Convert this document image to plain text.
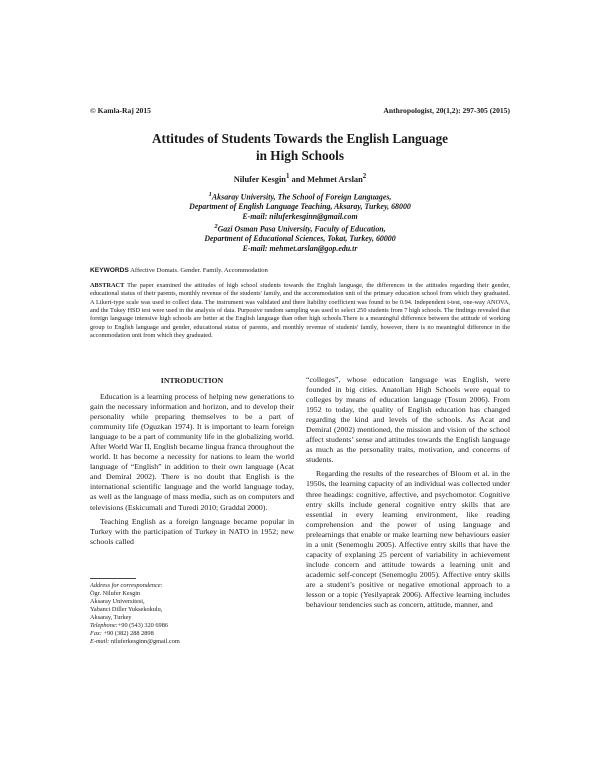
© Kamla-Raj 2015	Anthropologist, 20(1,2): 297-305 (2015)
Attitudes of Students Towards the English Language in High Schools
Nilufer Kesgin$^1$ and Mehmet Arslan$^2$

$^1$Aksaray University, The School of Foreign Languages,

Department of English Language Teaching, Aksaray, Turkey, 68000

E-mail: niluferkesginn@gmail.com

$^2$Gazi Osman Pasa University, Faculty of Education,

Department of Educational Sciences, Tokat, Turkey, 60000

E-mail: mehmet.arslan@gop.edu.tr

KEYWORDS Affective Domais. Gender. Family. Accommodation
ABSTRACT The paper examined the attitudes of high school students towards the English language, the differences in the attitudes regarding their gender, educational status of their parents, monthly revenue of the students' family, and the accommodation unit of the primary education school from which they graduated. A Likert-type scale was used to collect data. The instrument was validated and there liability coefficient was found to be 0.94. Independent t-test, one-way ANOVA, and the Tukey HSD test were used in the analysis of data. Purposive random sampling was used to select 250 students from 7 high schools. The findings revealed that foreign language intensive high schools are better at the English language than other high schools.There is a meaningful difference between the attitude of working group to English language and gender, educational status of parents, and monthly revenue of students' family, however, there is no meaningful difference in the accommodation unit from which they graduated.
INTRODUCTION

Education is a learning process of helping new generations to gain the necessary information and horizon, and to develop their personality while preparing themselves to be a part of community life (Oguzkan 1974). It is important to learn foreign language to be a part of community life in the globalizing world. After World War II, English became lingua franca throughout the world. It has become a necessity for nations to learn the world language of “English” in addition to their own language (Acat and Demiral 2002). There is no doubt that English is the international scientific language and the world language today, as well as the language of mass media, such as on computers and televisions (Eskicumali and Turedi 2010; Graddal 2000).

Teaching English as a foreign language became popular in Turkey with the participation of Turkey in NATO in 1952; new schools called

“colleges”, whose education language was English, were founded in big cities. Anatolian High Schools were equal to colleges by means of education language (Tosun 2006). From 1952 to today, the quality of English education has changed regarding the kind and levels of the schools. As Acat and Demiral (2002) mentioned, the mission and vision of the school affect students’ sense and attitudes towards the English language as much as the personality traits, motivation, and concerns of students.

Regarding the results of the researches of Bloom et al. in the 1950s, the learning capacity of an individual was collected under three headings: cognitive, affective, and psychomotor. Cognitive entry skills include general cognitive entry skills that are essential in every learning environment, like reading comprehension and the power of using language and prelearnings that enable or make learning new behaviours easier in a unit (Senemoglu 2005). Affective entry skills that have the capacity of explaning 25 percent of variability in achievement include concern and attitude towards a learning unit and academic self-concept (Senemoglu 2005). Affective entry skills are a student’s positive or negative emotional approach to a lesson or a topic (Yesilyaprak 2006). Affective learning includes behaviour tendencies such as concern, attitude, manner, and

Address for correspondence:
Ögr. Nilufer Kesgin
Aksaray Universitesi,
Yabanci Diller Yuksekokulu,
Aksaray, Turkey
Telephone:+90 (543) 320 6986
Fax: +90 (382) 288 2898
E-mail: niluferkesginn@gmail.com
